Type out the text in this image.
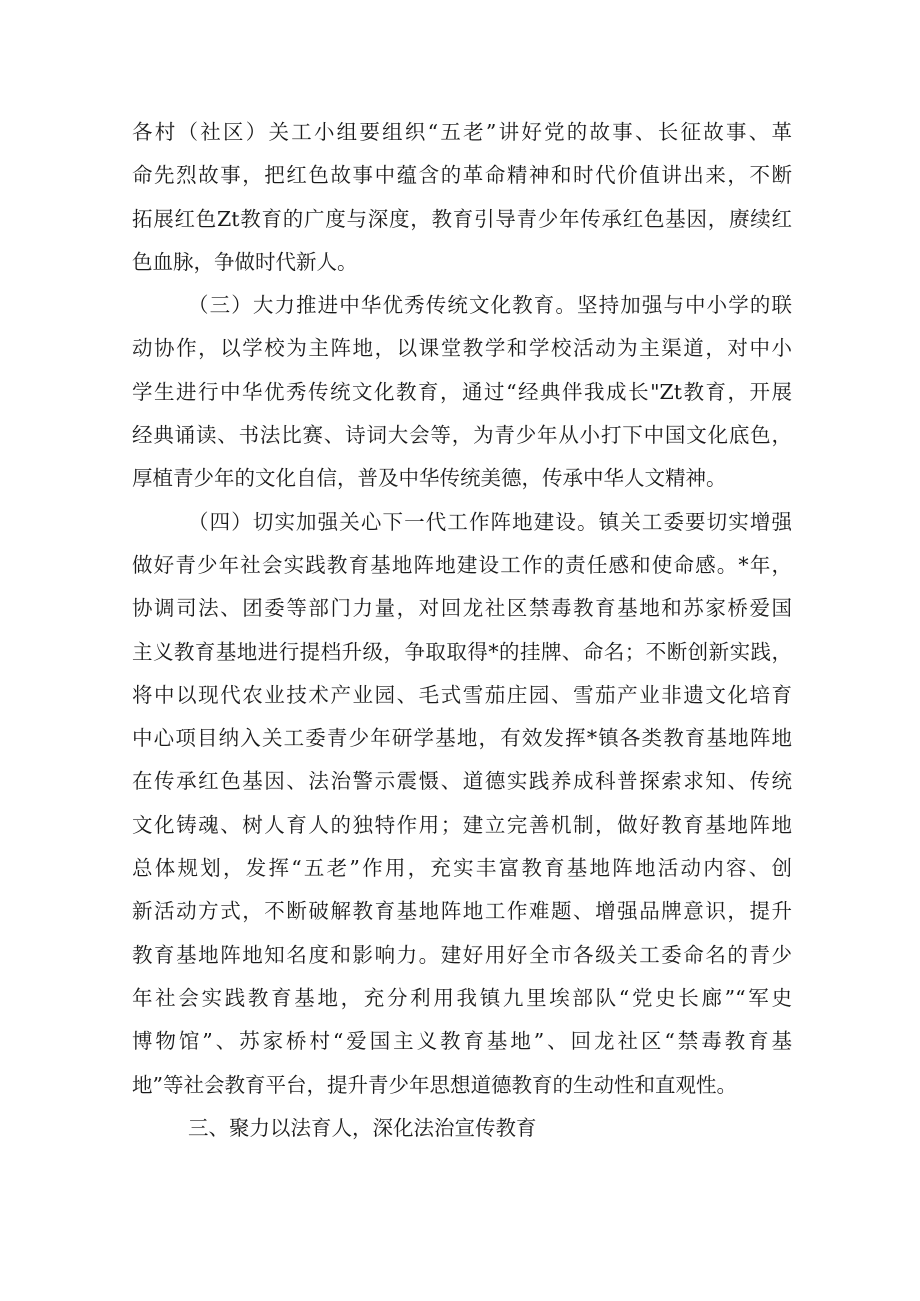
各村（社区）关工小组要组织“五老”讲好党的故事、长征故事、革
命先烈故事，把红色故事中蕴含的革命精神和时代价值讲出来，不断
拓展红色Zt教育的广度与深度，教育引导青少年传承红色基因，赓续红
色血脉，争做时代新人。
（三）大力推进中华优秀传统文化教育。坚持加强与中小学的联
动协作，以学校为主阵地，以课堂教学和学校活动为主渠道，对中小
学生进行中华优秀传统文化教育，通过“经典伴我成长"Zt教育，开展
经典诵读、书法比赛、诗词大会等，为青少年从小打下中国文化底色，
厚植青少年的文化自信，普及中华传统美德，传承中华人文精神。
（四）切实加强关心下一代工作阵地建设。镇关工委要切实增强
做好青少年社会实践教育基地阵地建设工作的责任感和使命感。*年，
协调司法、团委等部门力量，对回龙社区禁毒教育基地和苏家桥爱国
主义教育基地进行提档升级，争取取得*的挂牌、命名；不断创新实践，
将中以现代农业技术产业园、毛式雪茄庄园、雪茄产业非遗文化培育
中心项目纳入关工委青少年研学基地，有效发挥*镇各类教育基地阵地
在传承红色基因、法治警示震慑、道德实践养成科普探索求知、传统
文化铸魂、树人育人的独特作用；建立完善机制，做好教育基地阵地
总体规划，发挥“五老”作用，充实丰富教育基地阵地活动内容、创
新活动方式，不断破解教育基地阵地工作难题、增强品牌意识，提升
教育基地阵地知名度和影响力。建好用好全市各级关工委命名的青少
年社会实践教育基地，充分利用我镇九里埃部队“党史长廊”“军史
博物馆”、苏家桥村“爱国主义教育基地”、回龙社区“禁毒教育基
地”等社会教育平台，提升青少年思想道德教育的生动性和直观性。
三、聚力以法育人，深化法治宣传教育
